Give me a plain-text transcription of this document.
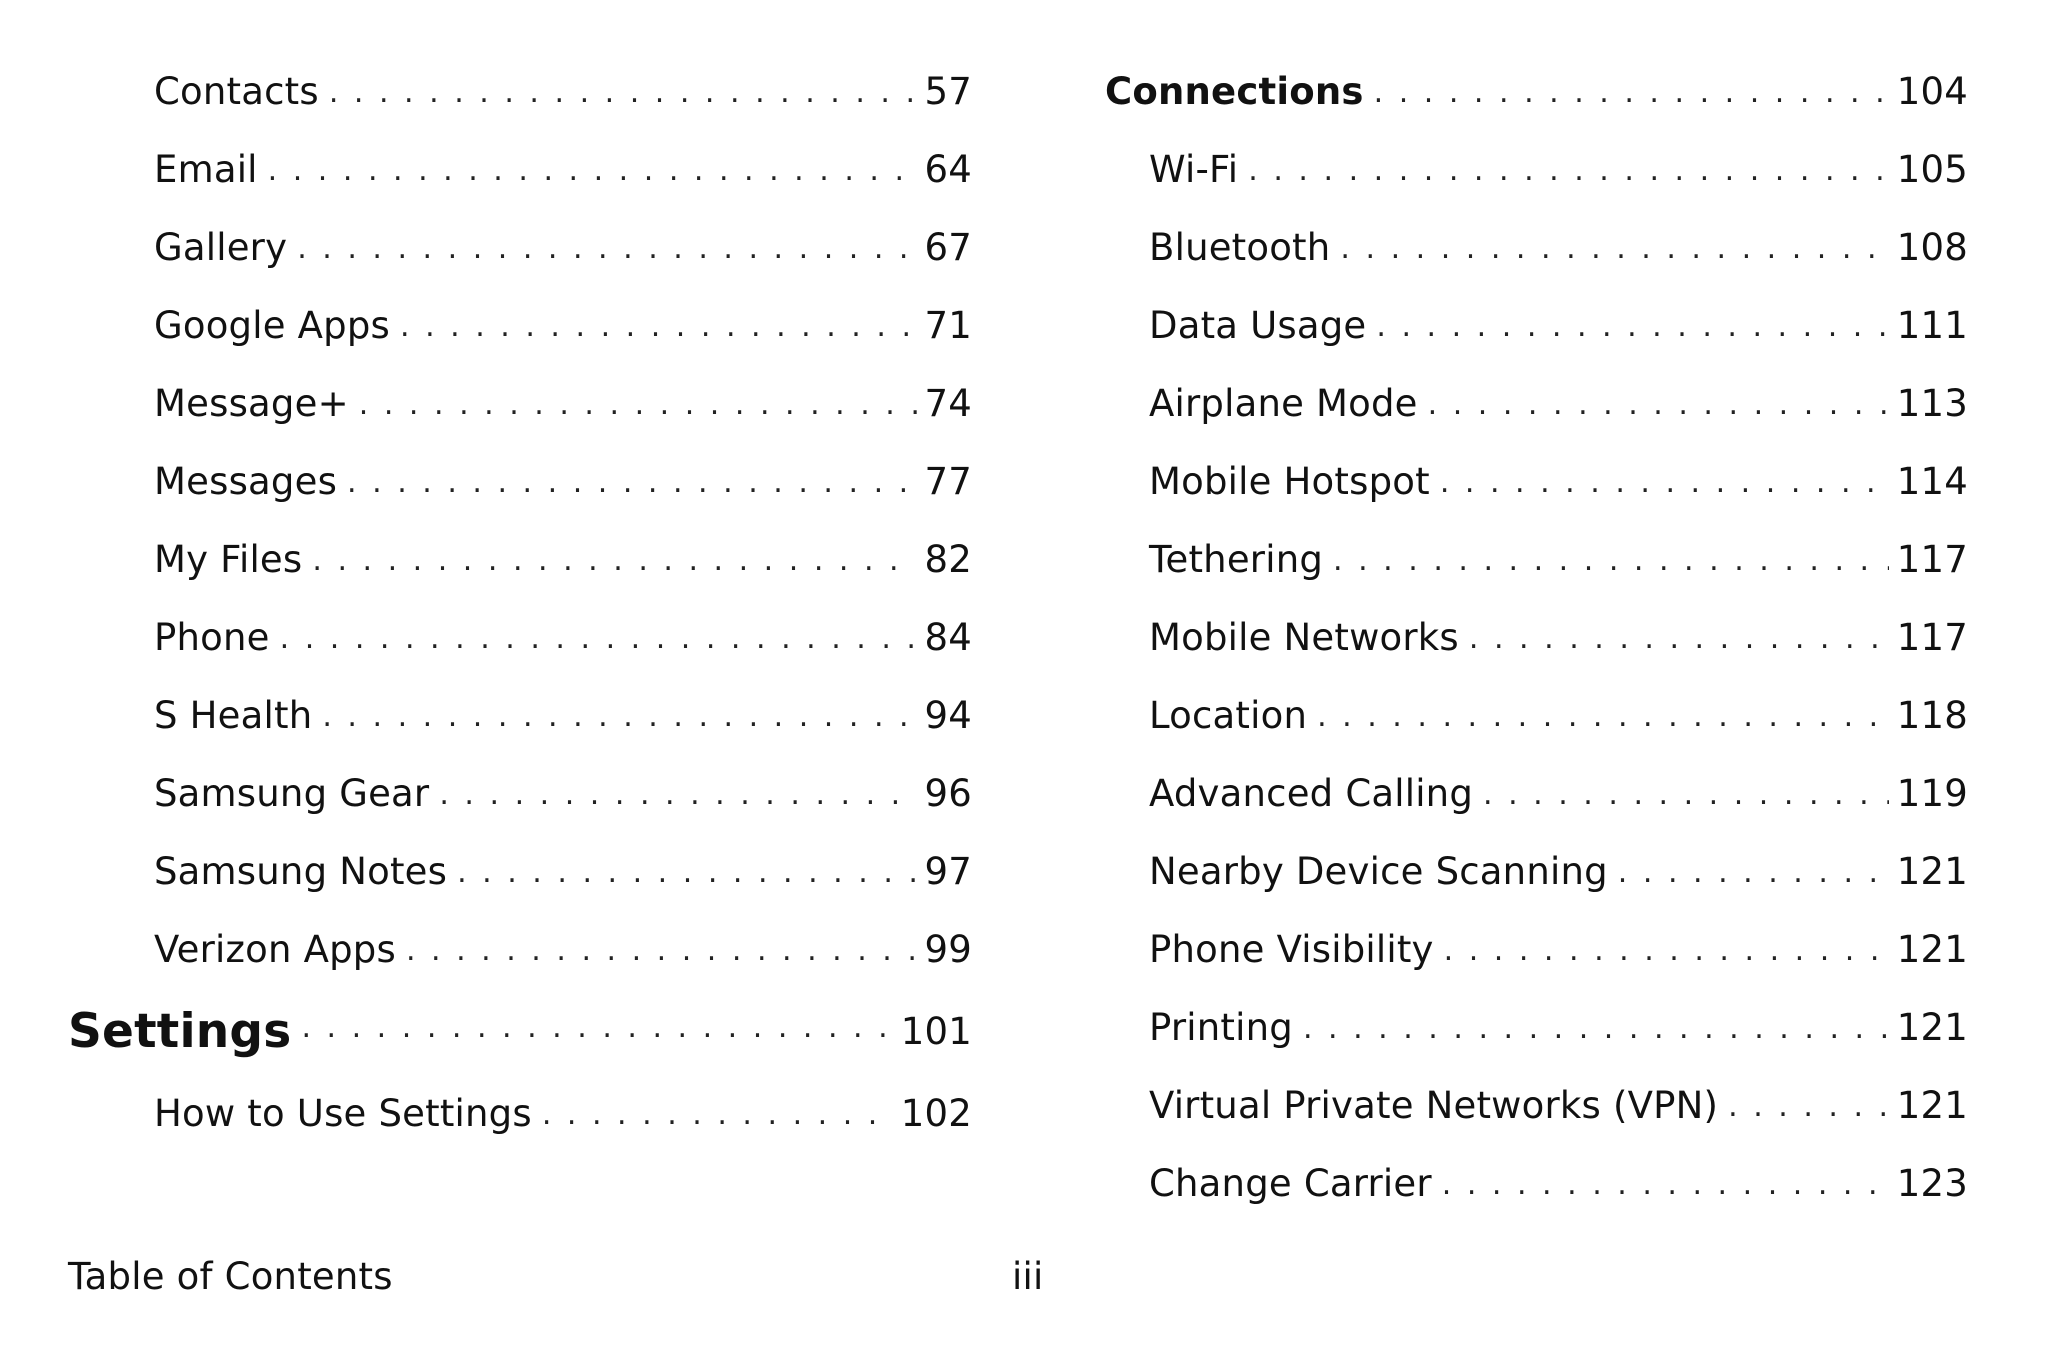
Contacts . . .	57
Email . . .	64
Gallery . . .	67
Google Apps . . .	71
Message+ . . .	74
Messages . . .	77
My Files . . .	82
Phone . . .	84
S Health . . .	94
Samsung Gear . . .	96
Samsung Notes . . .	97
Verizon Apps . . .	99
Settings . . .	101
How to Use Settings . . .	102
Connections . . .	104
Wi-Fi . . .	105
Bluetooth . . .	108
Data Usage . . .	111
Airplane Mode . . .	113
Mobile Hotspot . . .	114
Tethering . . .	117
Mobile Networks . . .	117
Location . . .	118
Advanced Calling . . .	119
Nearby Device Scanning . . .	121
Phone Visibility . . .	121
Printing . . .	121
Virtual Private Networks (VPN) . . .	121
Change Carrier . . .	123
Table of Contents	iii
